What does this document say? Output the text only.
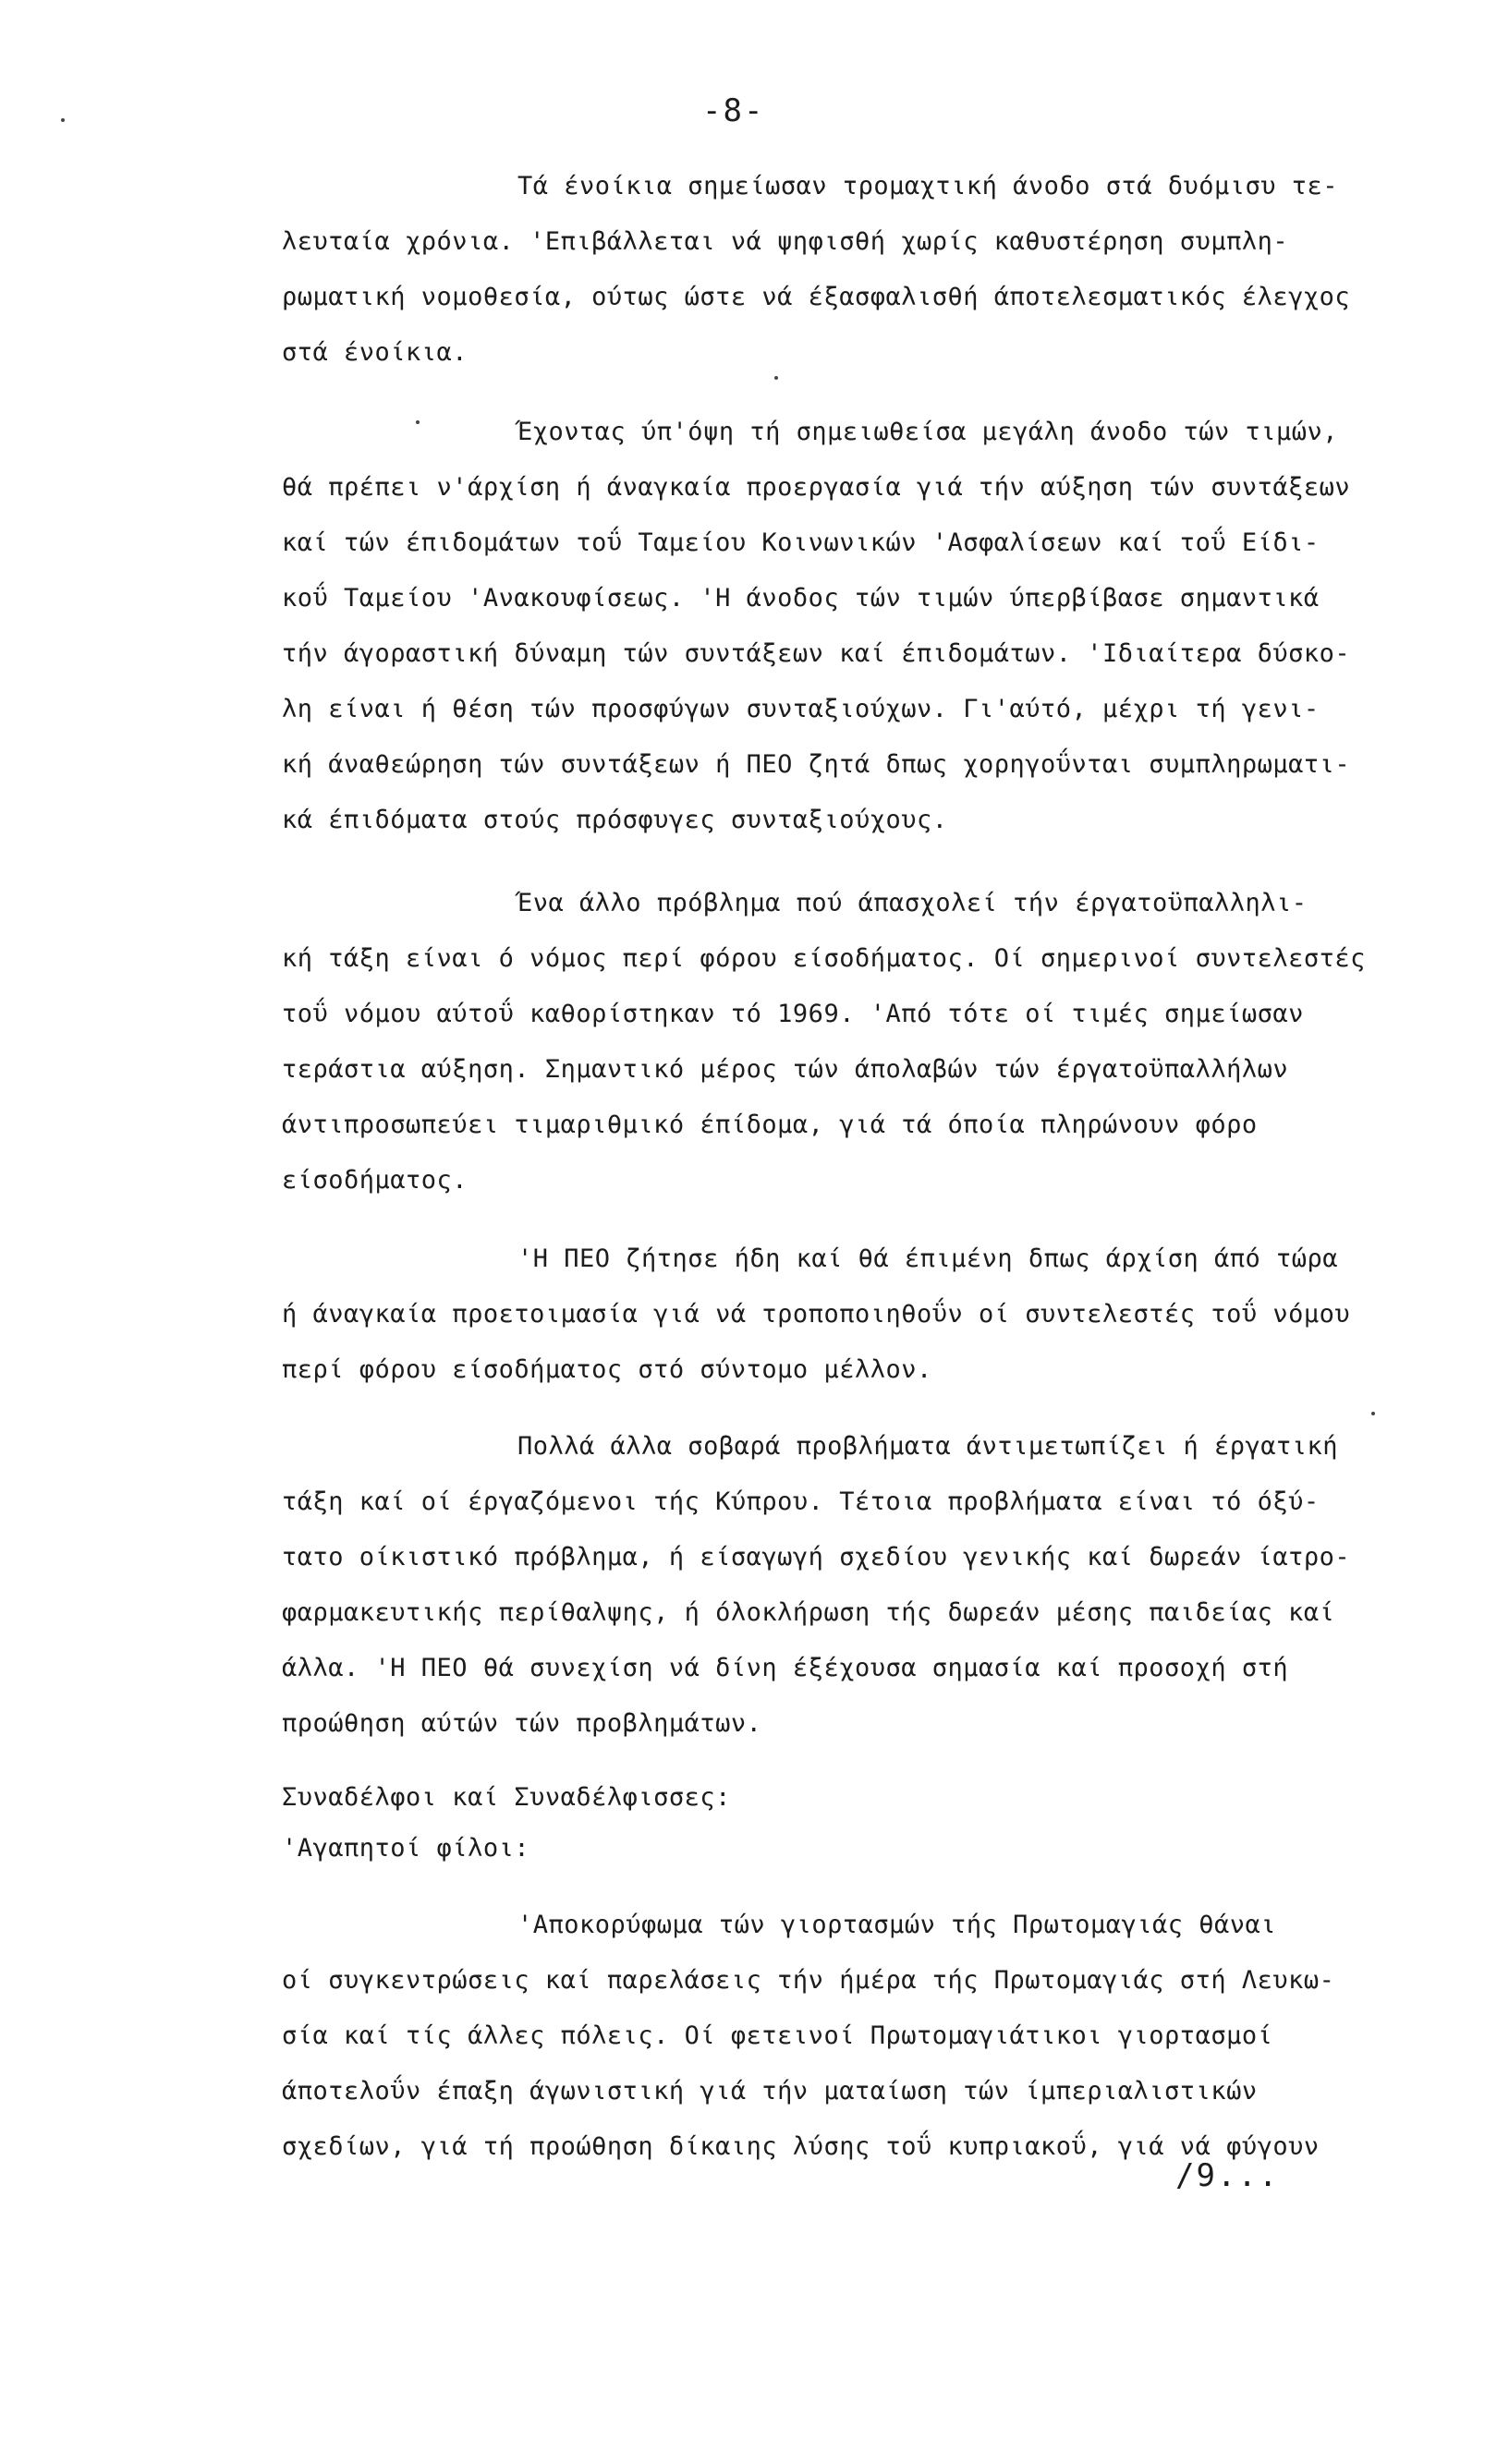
-8-
Τά ένοίκια σημείωσαν τρομαχτική άνοδο στά δυόμισυ τε-
λευταία χρόνια. 'Επιβάλλεται νά ψηφισθή χωρίς καθυστέρηση συμπλη-
ρωματική νομοθεσία, ούτως ώστε νά έξασφαλισθή άποτελεσματικός έλεγχος
στά ένοίκια.
Έχοντας ύπ'όψη τή σημειωθείσα μεγάλη άνοδο τών τιμών,
θά πρέπει ν'άρχίση ή άναγκαία προεργασία γιά τήν αύξηση τών συντάξεων
καί τών έπιδομάτων τοΰ Ταμείου Κοινωνικών 'Ασφαλίσεων καί τοΰ Είδι-
κοΰ Ταμείου 'Ανακουφίσεως. 'Η άνοδος τών τιμών ύπερβίβασε σημαντικά
τήν άγοραστική δύναμη τών συντάξεων καί έπιδομάτων. 'Ιδιαίτερα δύσκο-
λη είναι ή θέση τών προσφύγων συνταξιούχων. Γι'αύτό, μέχρι τή γενι-
κή άναθεώρηση τών συντάξεων ή ΠΕΟ ζητά δπως χορηγοΰνται συμπληρωματι-
κά έπιδόματα στούς πρόσφυγες συνταξιούχους.
Ένα άλλο πρόβλημα πού άπασχολεί τήν έργατοϋπαλληλι-
κή τάξη είναι ό νόμος περί φόρου είσοδήματος. Οί σημερινοί συντελεστές
τοΰ νόμου αύτοΰ καθορίστηκαν τό 1969. 'Από τότε οί τιμές σημείωσαν
τεράστια αύξηση. Σημαντικό μέρος τών άπολαβών τών έργατοϋπαλλήλων
άντιπροσωπεύει τιμαριθμικό έπίδομα, γιά τά όποία πληρώνουν φόρο
είσοδήματος.
'Η ΠΕΟ ζήτησε ήδη καί θά έπιμένη δπως άρχίση άπό τώρα
ή άναγκαία προετοιμασία γιά νά τροποποιηθοΰν οί συντελεστές τοΰ νόμου
περί φόρου είσοδήματος στό σύντομο μέλλον.
Πολλά άλλα σοβαρά προβλήματα άντιμετωπίζει ή έργατική
τάξη καί οί έργαζόμενοι τής Κύπρου. Τέτοια προβλήματα είναι τό όξύ-
τατο οίκιστικό πρόβλημα, ή είσαγωγή σχεδίου γενικής καί δωρεάν ίατρο-
φαρμακευτικής περίθαλψης, ή όλοκλήρωση τής δωρεάν μέσης παιδείας καί
άλλα. 'Η ΠΕΟ θά συνεχίση νά δίνη έξέχουσα σημασία καί προσοχή στή
προώθηση αύτών τών προβλημάτων.
Συναδέλφοι καί Συναδέλφισσες:
'Αγαπητοί φίλοι:
'Αποκορύφωμα τών γιορτασμών τής Πρωτομαγιάς θάναι
οί συγκεντρώσεις καί παρελάσεις τήν ήμέρα τής Πρωτομαγιάς στή Λευκω-
σία καί τίς άλλες πόλεις. Οί φετεινοί Πρωτομαγιάτικοι γιορτασμοί
άποτελοΰν έπαξη άγωνιστική γιά τήν ματαίωση τών ίμπεριαλιστικών
σχεδίων, γιά τή προώθηση δίκαιης λύσης τοΰ κυπριακοΰ, γιά νά φύγουν
/9...
